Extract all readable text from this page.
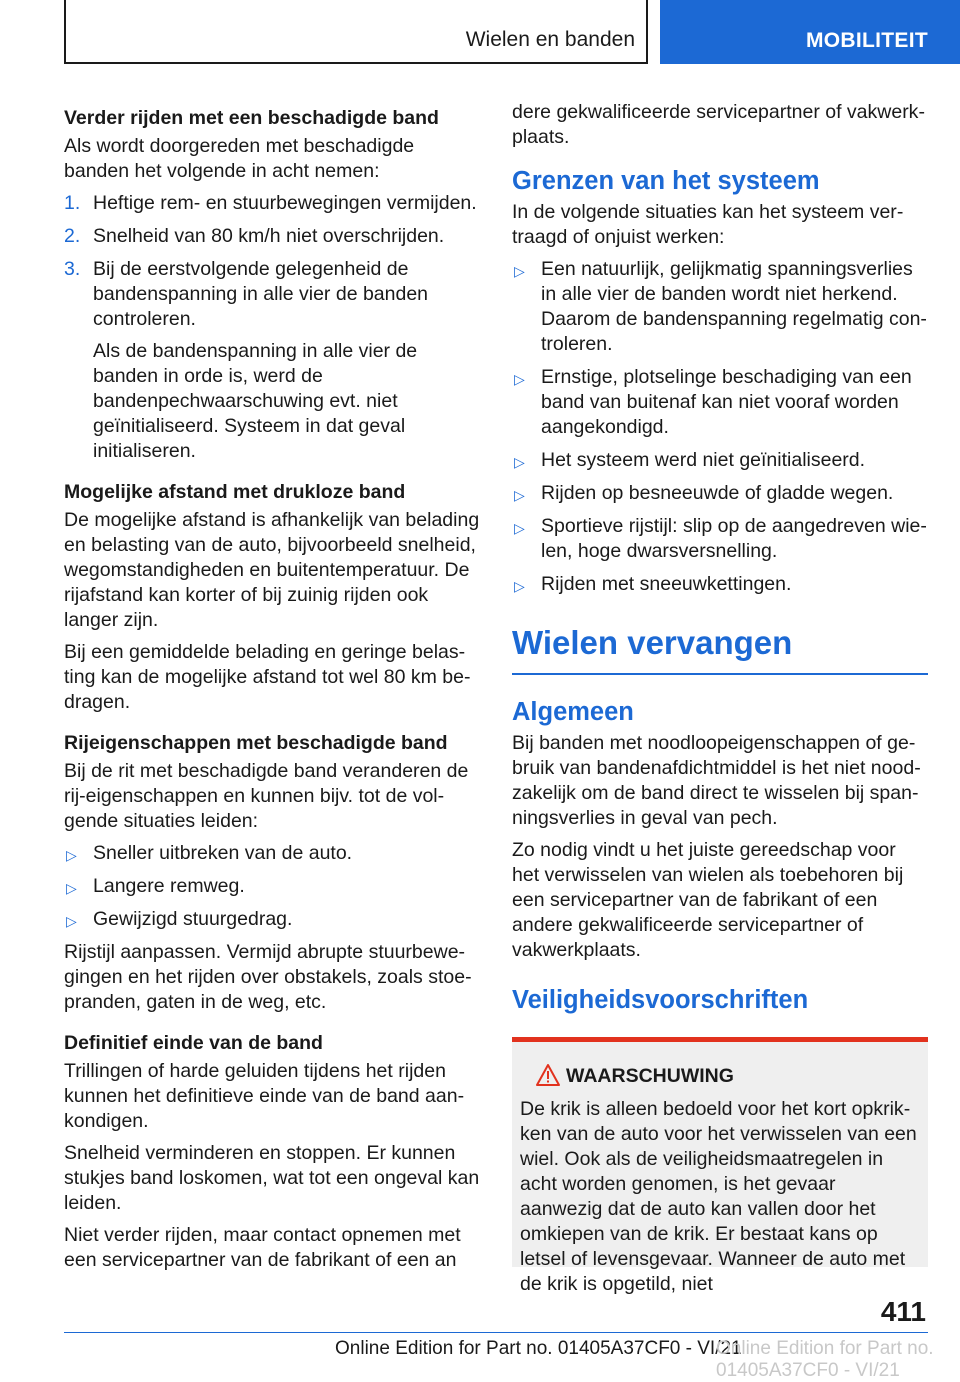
Wielen en banden	MOBILITEIT
Verder rijden met een beschadigde band

Als wordt doorgereden met beschadigde banden het volgende in acht nemen:

1. Heftige rem- en stuurbewegingen vermijden.
2. Snelheid van 80 km/h niet overschrijden.
3. Bij de eerstvolgende gelegenheid de bandenspanning in alle vier de banden controleren.
Als de bandenspanning in alle vier de banden in orde is, werd de bandenpechwaarschuwing evt. niet geïnitialiseerd. Systeem in dat geval initialiseren.
Mogelijke afstand met drukloze band

De mogelijke afstand is afhankelijk van belading en belasting van de auto, bijvoorbeeld snelheid, wegomstandigheden en buitentemperatuur. De rijafstand kan korter of bij zuinig rijden ook langer zijn.

Bij een gemiddelde belading en geringe belasting kan de mogelijke afstand tot wel 80 km bedragen.

Rijeigenschappen met beschadigde band

Bij de rit met beschadigde band veranderen de rij-eigenschappen en kunnen bijv. tot de volgende situaties leiden:

▷ Sneller uitbreken van de auto.
▷ Langere remweg.
▷ Gewijzigd stuurgedrag.

Rijstijl aanpassen. Vermijd abrupte stuurbewegingen en het rijden over obstakels, zoals stoepranden, gaten in de weg, etc.

Definitief einde van de band

Trillingen of harde geluiden tijdens het rijden kunnen het definitieve einde van de band aankondigen.

Snelheid verminderen en stoppen. Er kunnen stukjes band loskomen, wat tot een ongeval kan leiden.

Niet verder rijden, maar contact opnemen met een servicepartner van de fabrikant of een an

dere gekwalificeerde servicepartner of vakwerkplaats.

Grenzen van het systeem

In de volgende situaties kan het systeem vertraagd of onjuist werken:

▷ Een natuurlijk, gelijkmatig spanningsverlies in alle vier de banden wordt niet herkend. Daarom de bandenspanning regelmatig controleren.
▷ Ernstige, plotselinge beschadiging van een band van buitenaf kan niet vooraf worden aangekondigd.
▷ Het systeem werd niet geïnitialiseerd.
▷ Rijden op besneeuwde of gladde wegen.
▷ Sportieve rijstijl: slip op de aangedreven wielen, hoge dwarsversnelling.
▷ Rijden met sneeuwkettingen.
Wielen vervangen
Algemeen

Bij banden met noodloopeigenschappen of gebruik van bandenafdichtmiddel is het niet noodzakelijk om de band direct te wisselen bij spanningsverlies in geval van pech.

Zo nodig vindt u het juiste gereedschap voor het verwisselen van wielen als toebehoren bij een servicepartner van de fabrikant of een andere gekwalificeerde servicepartner of vakwerkplaats.

Veiligheidsvoorschriften
WAARSCHUWING

De krik is alleen bedoeld voor het kort opkrikken van de auto voor het verwisselen van een wiel. Ook als de veiligheidsmaatregelen in acht worden genomen, is het gevaar aanwezig dat de auto kan vallen door het omkiepen van de krik. Er bestaat kans op letsel of levensgevaar. Wanneer de auto met de krik is opgetild, niet

411
Online Edition for Part no. 01405A37CF0 - VI/21
Online Edition for Part no. 01405A37CF0 - VI/21
